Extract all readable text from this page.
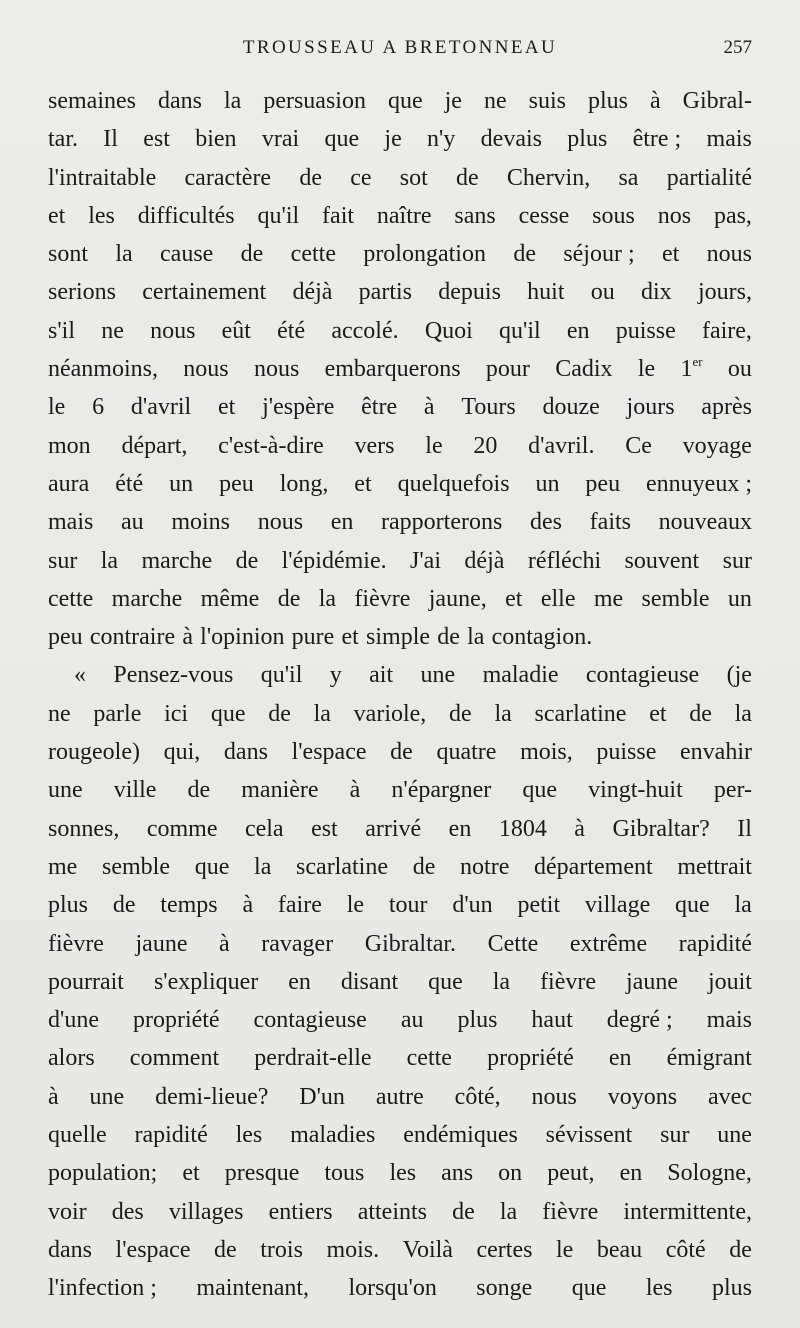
TROUSSEAU A BRETONNEAU	257
semaines dans la persuasion que je ne suis plus à Gibral-
tar. Il est bien vrai que je n'y devais plus être ; mais
l'intraitable caractère de ce sot de Chervin, sa partialité
et les difficultés qu'il fait naître sans cesse sous nos pas,
sont la cause de cette prolongation de séjour ; et nous
serions certainement déjà partis depuis huit ou dix jours,
s'il ne nous eût été accolé. Quoi qu'il en puisse faire,
néanmoins, nous nous embarquerons pour Cadix le 1er ou
le 6 d'avril et j'espère être à Tours douze jours après
mon départ, c'est-à-dire vers le 20 d'avril. Ce voyage
aura été un peu long, et quelquefois un peu ennuyeux ;
mais au moins nous en rapporterons des faits nouveaux
sur la marche de l'épidémie. J'ai déjà réfléchi souvent sur
cette marche même de la fièvre jaune, et elle me semble un
peu contraire à l'opinion pure et simple de la contagion.
« Pensez-vous qu'il y ait une maladie contagieuse (je
ne parle ici que de la variole, de la scarlatine et de la
rougeole) qui, dans l'espace de quatre mois, puisse envahir
une ville de manière à n'épargner que vingt-huit per-
sonnes, comme cela est arrivé en 1804 à Gibraltar? Il
me semble que la scarlatine de notre département mettrait
plus de temps à faire le tour d'un petit village que la
fièvre jaune à ravager Gibraltar. Cette extrême rapidité
pourrait s'expliquer en disant que la fièvre jaune jouit
d'une propriété contagieuse au plus haut degré ; mais
alors comment perdrait-elle cette propriété en émigrant
à une demi-lieue? D'un autre côté, nous voyons avec
quelle rapidité les maladies endémiques sévissent sur une
population; et presque tous les ans on peut, en Sologne,
voir des villages entiers atteints de la fièvre intermittente,
dans l'espace de trois mois. Voilà certes le beau côté de
l'infection ; maintenant, lorsqu'on songe que les plus
